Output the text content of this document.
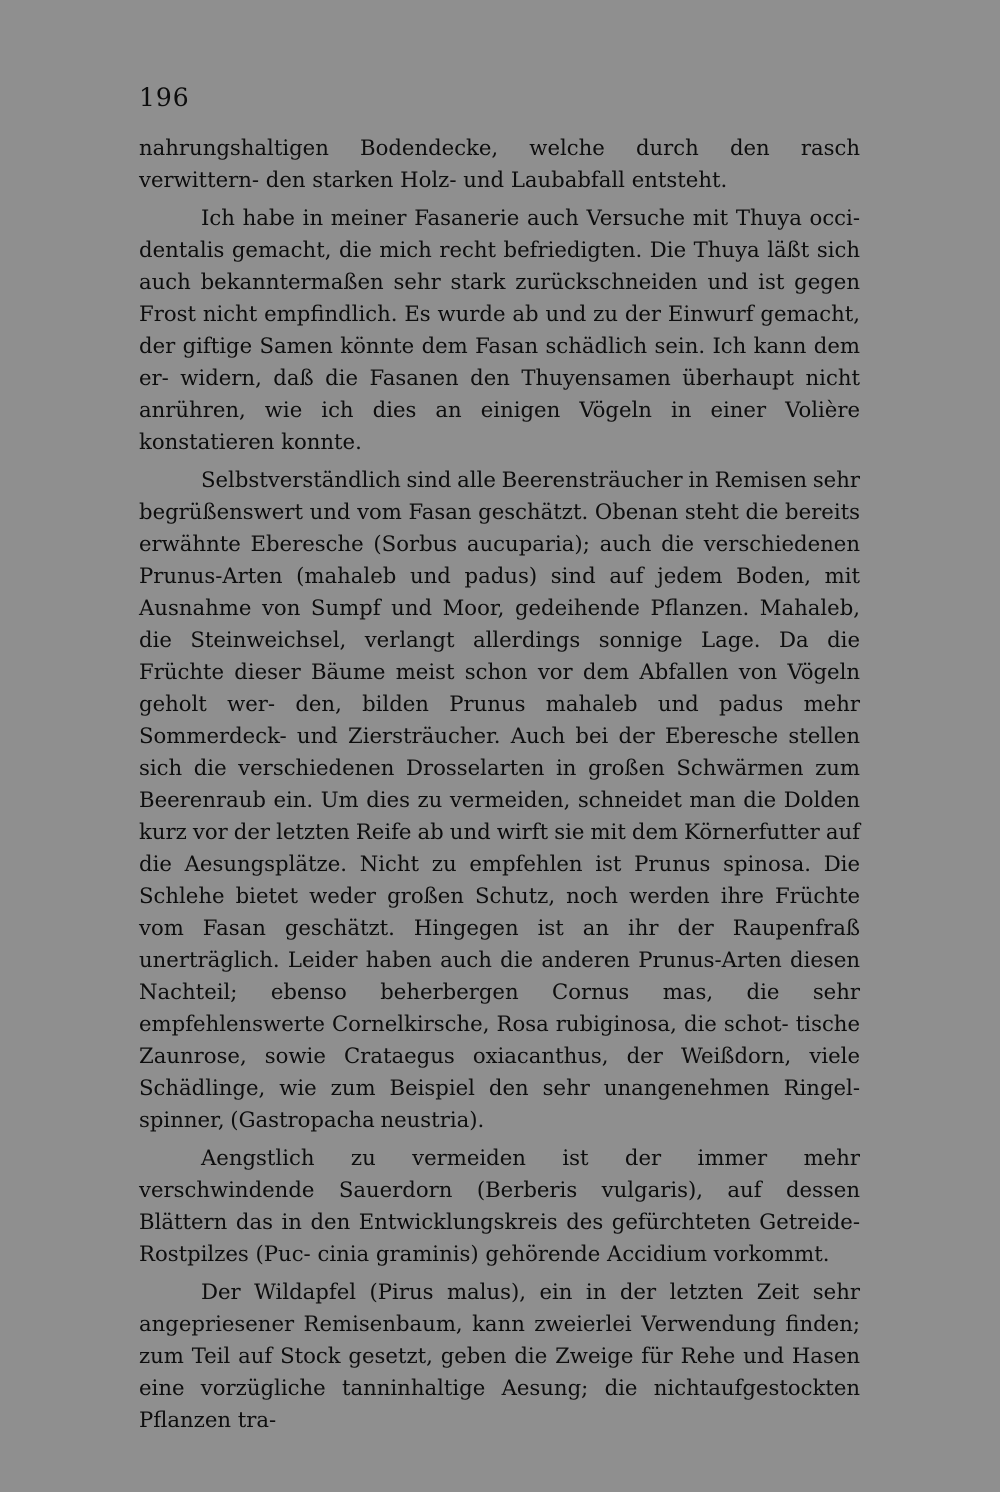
196

nahrungshaltigen Bodendecke, welche durch den rasch verwittern- den starken Holz- und Laubabfall entsteht.

Ich habe in meiner Fasanerie auch Versuche mit Thuya occi- dentalis gemacht, die mich recht befriedigten. Die Thuya läßt sich auch bekanntermaßen sehr stark zurückschneiden und ist gegen Frost nicht empfindlich. Es wurde ab und zu der Einwurf gemacht, der giftige Samen könnte dem Fasan schädlich sein. Ich kann dem er- widern, daß die Fasanen den Thuyensamen überhaupt nicht anrühren, wie ich dies an einigen Vögeln in einer Volière konstatieren konnte.

Selbstverständlich sind alle Beerensträucher in Remisen sehr begrüßenswert und vom Fasan geschätzt. Obenan steht die bereits erwähnte Eberesche (Sorbus aucuparia); auch die verschiedenen Prunus-Arten (mahaleb und padus) sind auf jedem Boden, mit Ausnahme von Sumpf und Moor, gedeihende Pflanzen. Mahaleb, die Steinweichsel, verlangt allerdings sonnige Lage. Da die Früchte dieser Bäume meist schon vor dem Abfallen von Vögeln geholt wer- den, bilden Prunus mahaleb und padus mehr Sommerdeck- und Ziersträucher. Auch bei der Eberesche stellen sich die verschiedenen Drosselarten in großen Schwärmen zum Beerenraub ein. Um dies zu vermeiden, schneidet man die Dolden kurz vor der letzten Reife ab und wirft sie mit dem Körnerfutter auf die Aesungsplätze. Nicht zu empfehlen ist Prunus spinosa. Die Schlehe bietet weder großen Schutz, noch werden ihre Früchte vom Fasan geschätzt. Hingegen ist an ihr der Raupenfraß unerträglich. Leider haben auch die anderen Prunus-Arten diesen Nachteil; ebenso beherbergen Cornus mas, die sehr empfehlenswerte Cornelkirsche, Rosa rubiginosa, die schot- tische Zaunrose, sowie Crataegus oxiacanthus, der Weißdorn, viele Schädlinge, wie zum Beispiel den sehr unangenehmen Ringel- spinner, (Gastropacha neustria).

Aengstlich zu vermeiden ist der immer mehr verschwindende Sauerdorn (Berberis vulgaris), auf dessen Blättern das in den Entwicklungskreis des gefürchteten Getreide-Rostpilzes (Puc- cinia graminis) gehörende Accidium vorkommt.

Der Wildapfel (Pirus malus), ein in der letzten Zeit sehr angepriesener Remisenbaum, kann zweierlei Verwendung finden; zum Teil auf Stock gesetzt, geben die Zweige für Rehe und Hasen eine vorzügliche tanninhaltige Aesung; die nichtaufgestockten Pflanzen tra-
